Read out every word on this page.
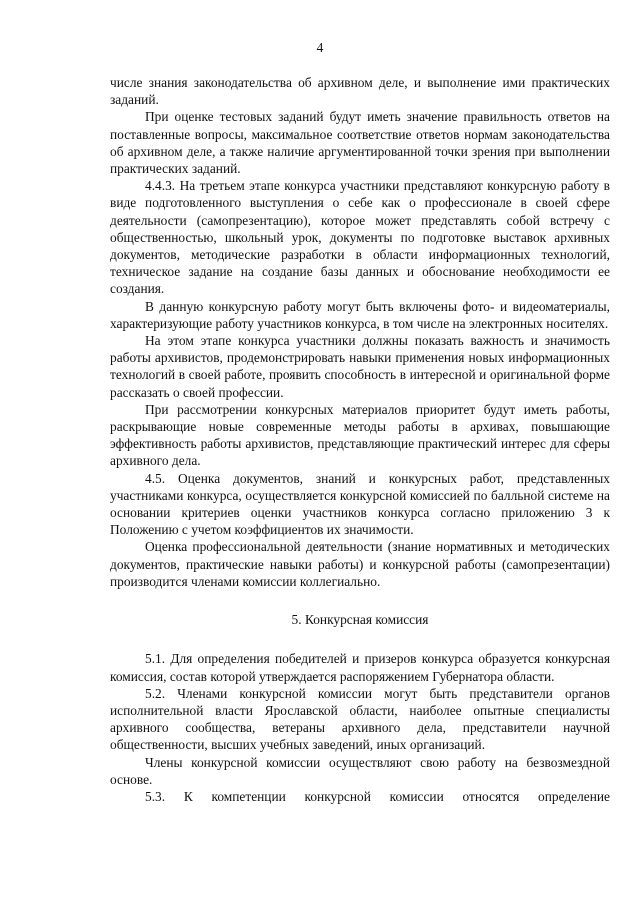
4

числе знания законодательства об архивном деле, и выполнение ими практических заданий.

При оценке тестовых заданий будут иметь значение правильность ответов на поставленные вопросы, максимальное соответствие ответов нормам законодательства об архивном деле, а также наличие аргументированной точки зрения при выполнении практических заданий.

4.4.3. На третьем этапе конкурса участники представляют конкурсную работу в виде подготовленного выступления о себе как о профессионале в своей сфере деятельности (самопрезентацию), которое может представлять собой встречу с общественностью, школьный урок, документы по подготовке выставок архивных документов, методические разработки в области информационных технологий, техническое задание на создание базы данных и обоснование необходимости ее создания.

В данную конкурсную работу могут быть включены фото- и видеоматериалы, характеризующие работу участников конкурса, в том числе на электронных носителях.

На этом этапе конкурса участники должны показать важность и значимость работы архивистов, продемонстрировать навыки применения новых информационных технологий в своей работе, проявить способность в интересной и оригинальной форме рассказать о своей профессии.

При рассмотрении конкурсных материалов приоритет будут иметь работы, раскрывающие новые современные методы работы в архивах, повышающие эффективность работы архивистов, представляющие практический интерес для сферы архивного дела.

4.5. Оценка документов, знаний и конкурсных работ, представленных участниками конкурса, осуществляется конкурсной комиссией по балльной системе на основании критериев оценки участников конкурса согласно приложению 3 к Положению с учетом коэффициентов их значимости.

Оценка профессиональной деятельности (знание нормативных и методических документов, практические навыки работы) и конкурсной работы (самопрезентации) производится членами комиссии коллегиально.

5. Конкурсная комиссия

5.1. Для определения победителей и призеров конкурса образуется конкурсная комиссия, состав которой утверждается распоряжением Губернатора области.

5.2. Членами конкурсной комиссии могут быть представители органов исполнительной власти Ярославской области, наиболее опытные специалисты архивного сообщества, ветераны архивного дела, представители научной общественности, высших учебных заведений, иных организаций.

Члены конкурсной комиссии осуществляют свою работу на безвозмездной основе.

5.3. К компетенции конкурсной комиссии относятся определение
